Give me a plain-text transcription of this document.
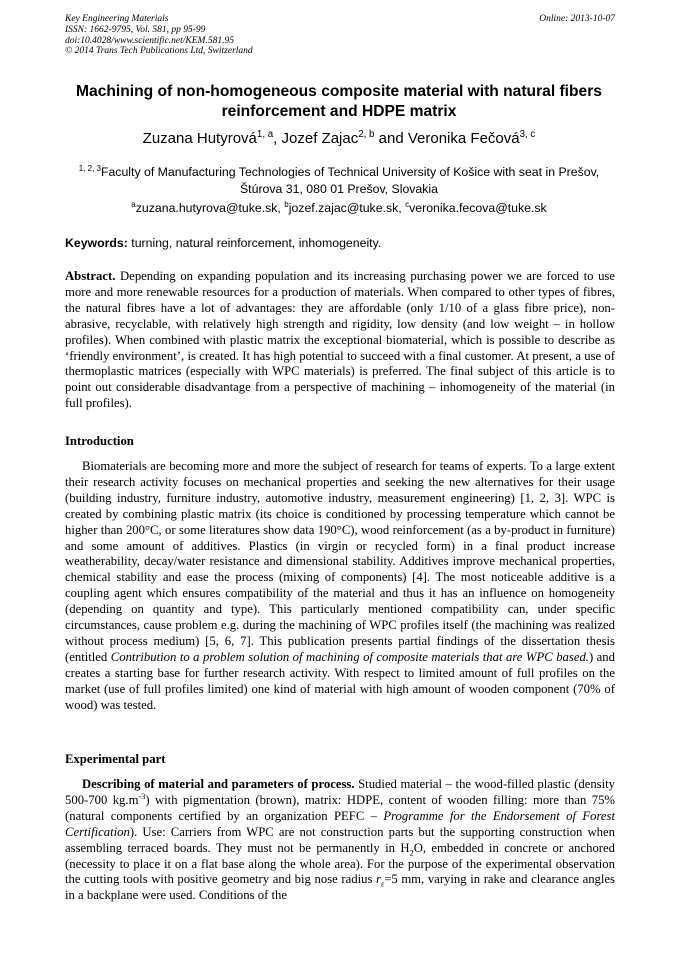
Key Engineering Materials
ISSN: 1662-9795, Vol. 581, pp 95-99
doi:10.4028/www.scientific.net/KEM.581.95
© 2014 Trans Tech Publications Ltd, Switzerland
Online: 2013-10-07
Machining of non-homogeneous composite material with natural fibers reinforcement and HDPE matrix
Zuzana Hutyrová$^{1, a}$, Jozef Zajac$^{2, b}$ and Veronika Fečová$^{3, c}$
$^{1, 2, 3}$Faculty of Manufacturing Technologies of Technical University of Košice with seat in Prešov,
Štúrova 31, 080 01 Prešov, Slovakia
$^a$zuzana.hutyrova@tuke.sk, $^b$jozef.zajac@tuke.sk, $^c$veronika.fecova@tuke.sk
Keywords: turning, natural reinforcement, inhomogeneity.

Abstract. Depending on expanding population and its increasing purchasing power we are forced to use more and more renewable resources for a production of materials. When compared to other types of fibres, the natural fibres have a lot of advantages: they are affordable (only 1/10 of a glass fibre price), non- abrasive, recyclable, with relatively high strength and rigidity, low density (and low weight – in hollow profiles). When combined with plastic matrix the exceptional biomaterial, which is possible to describe as ‘friendly environment’, is created. It has high potential to succeed with a final customer. At present, a use of thermoplastic matrices (especially with WPC materials) is preferred. The final subject of this article is to point out considerable disadvantage from a perspective of machining – inhomogeneity of the material (in full profiles).

Introduction

Biomaterials are becoming more and more the subject of research for teams of experts. To a large extent their research activity focuses on mechanical properties and seeking the new alternatives for their usage (building industry, furniture industry, automotive industry, measurement engineering) [1, 2, 3]. WPC is created by combining plastic matrix (its choice is conditioned by processing temperature which cannot be higher than 200°C, or some literatures show data 190°C), wood reinforcement (as a by-product in furniture) and some amount of additives. Plastics (in virgin or recycled form) in a final product increase weatherability, decay/water resistance and dimensional stability. Additives improve mechanical properties, chemical stability and ease the process (mixing of components) [4]. The most noticeable additive is a coupling agent which ensures compatibility of the material and thus it has an influence on homogeneity (depending on quantity and type). This particularly mentioned compatibility can, under specific circumstances, cause problem e.g. during the machining of WPC profiles itself (the machining was realized without process medium) [5, 6, 7]. This publication presents partial findings of the dissertation thesis (entitled Contribution to a problem solution of machining of composite materials that are WPC based.) and creates a starting base for further research activity. With respect to limited amount of full profiles on the market (use of full profiles limited) one kind of material with high amount of wooden component (70% of wood) was tested.

Experimental part

Describing of material and parameters of process. Studied material – the wood-filled plastic (density 500-700 $kg.m^{-3}$) with pigmentation (brown), matrix: HDPE, content of wooden filling: more than 75% (natural components certified by an organization PEFC – Programme for the Endorsement of Forest Certification). Use: Carriers from WPC are not construction parts but the supporting construction when assembling terraced boards. They must not be permanently in $H_2O$, embedded in concrete or anchored (necessity to place it on a flat base along the whole area). For the purpose of the experimental observation the cutting tools with positive geometry and big nose radius $r_\varepsilon=5$ mm, varying in rake and clearance angles in a backplane were used. Conditions of the
